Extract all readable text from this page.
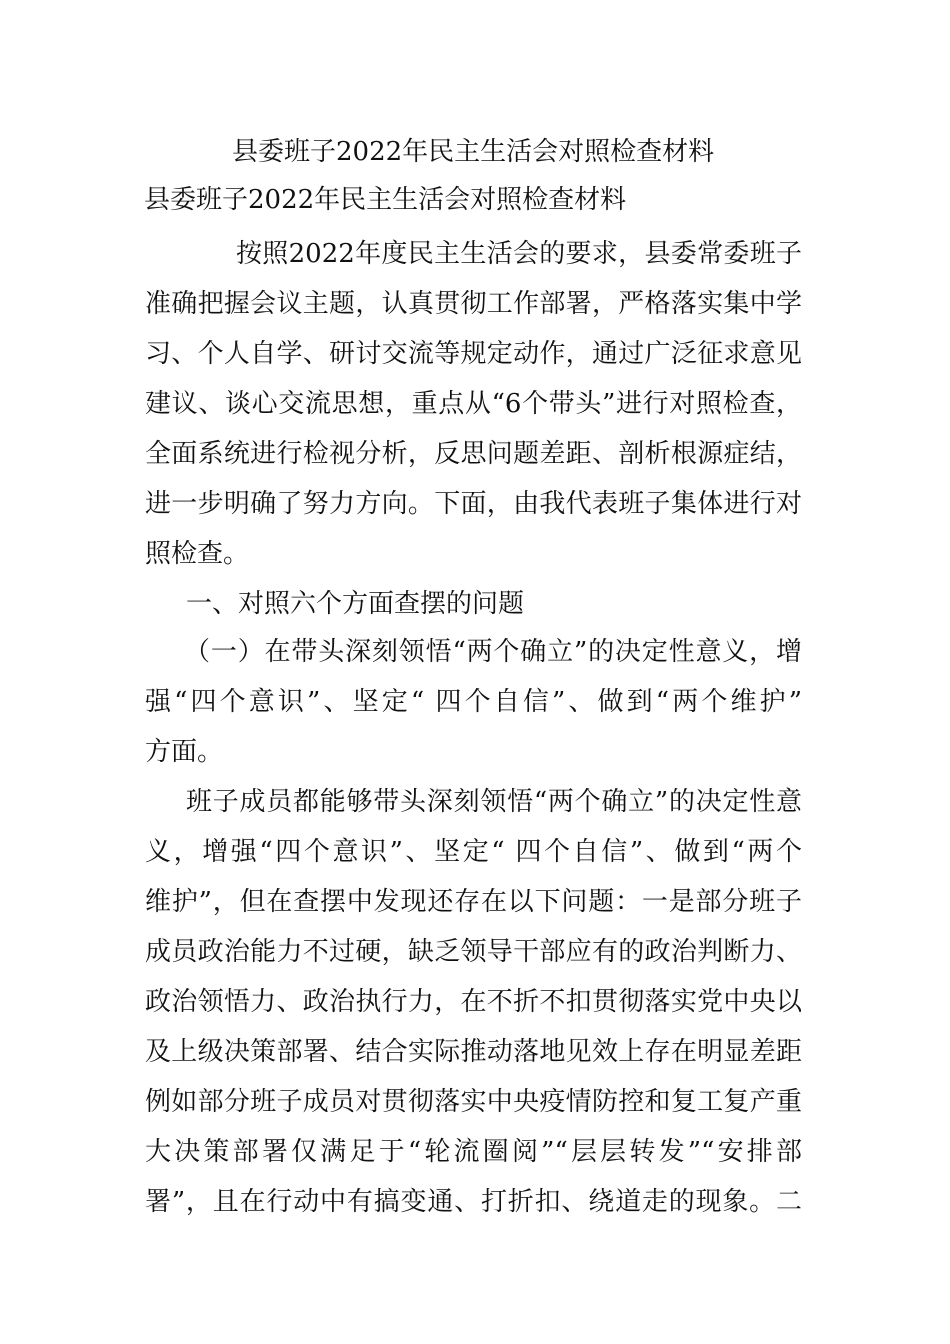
县委班子2022年民主生活会对照检查材料
县委班子2022年民主生活会对照检查材料
按照2022年度民主生活会的要求，县委常委班子
准确把握会议主题，认真贯彻工作部署，严格落实集中学
习、个人自学、研讨交流等规定动作，通过广泛征求意见
建议、谈心交流思想，重点从“6个带头”进行对照检查，
全面系统进行检视分析，反思问题差距、剖析根源症结，
进一步明确了努力方向。下面，由我代表班子集体进行对
照检查。
一、对照六个方面查摆的问题
（一）在带头深刻领悟“两个确立”的决定性意义，增
强“四个意识”、坚定“ 四个自信”、做到“两个维护”
方面。
班子成员都能够带头深刻领悟“两个确立”的决定性意
义，增强“四个意识”、坚定“ 四个自信”、做到“两个
维护”，但在查摆中发现还存在以下问题：一是部分班子
成员政治能力不过硬，缺乏领导干部应有的政治判断力、
政治领悟力、政治执行力，在不折不扣贯彻落实党中央以
及上级决策部署、结合实际推动落地见效上存在明显差距
例如部分班子成员对贯彻落实中央疫情防控和复工复产重
大决策部署仅满足于“轮流圈阅”“层层转发”“安排部
署”，且在行动中有搞变通、打折扣、绕道走的现象。二
